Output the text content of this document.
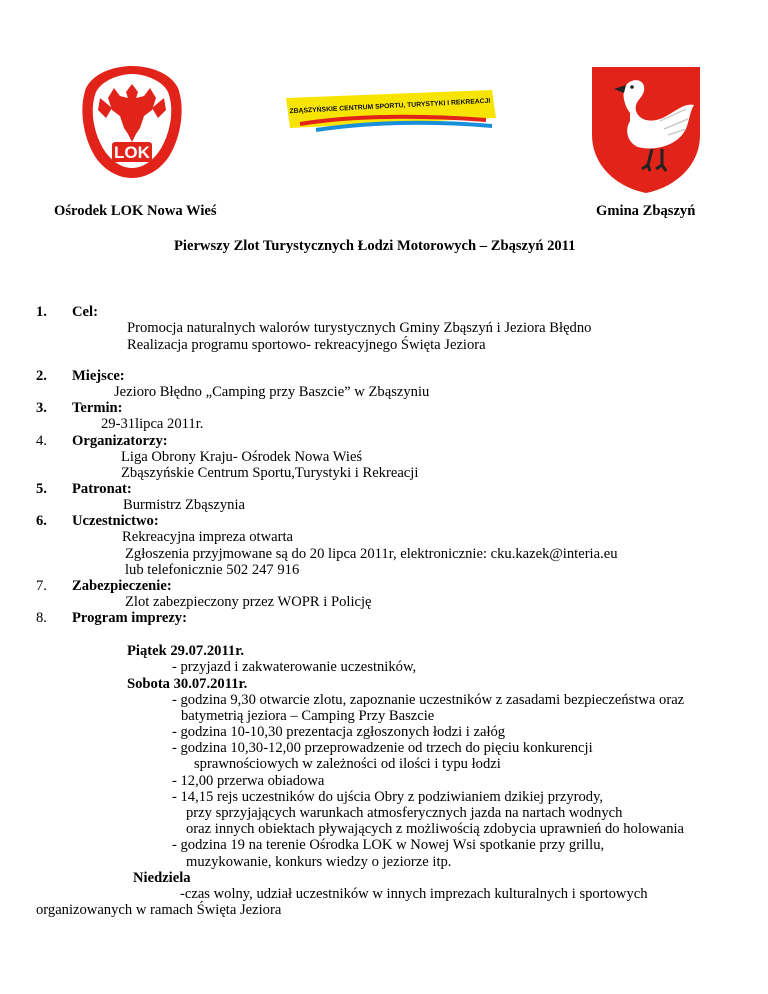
LOK
ZBĄSZYŃSKIE CENTRUM SPORTU, TURYSTYKI I REKREACJI
Ośrodek LOK Nowa Wieś	Gmina Zbąszyń
Pierwszy Zlot Turystycznych Łodzi Motorowych – Zbąszyń 2011
1. Cel:
Promocja naturalnych walorów turystycznych Gminy Zbąszyń i Jeziora Błędno
Realizacja programu sportowo- rekreacyjnego Święta Jeziora
2. Miejsce:
Jezioro Błędno „Camping przy Baszcie” w Zbąszyniu
3. Termin:
29-31lipca 2011r.
4. Organizatorzy:
Liga Obrony Kraju- Ośrodek Nowa Wieś
Zbąszyńskie Centrum Sportu,Turystyki i Rekreacji
5. Patronat:
Burmistrz Zbąszynia
6. Uczestnictwo:
Rekreacyjna impreza otwarta
Zgłoszenia przyjmowane są do 20 lipca 2011r, elektronicznie: cku.kazek@interia.eu
lub telefonicznie 502 247 916
7. Zabezpieczenie:
Zlot zabezpieczony przez WOPR i Policję
8. Program imprezy:
Piątek 29.07.2011r.
- przyjazd i zakwaterowanie uczestników,
Sobota 30.07.2011r.
- godzina 9,30 otwarcie zlotu, zapoznanie uczestników z zasadami bezpieczeństwa oraz
batymetrią jeziora – Camping Przy Baszcie
- godzina 10-10,30 prezentacja zgłoszonych łodzi i załóg
- godzina 10,30-12,00 przeprowadzenie od trzech do pięciu konkurencji
sprawnościowych w zależności od ilości i typu łodzi
- 12,00 przerwa obiadowa
- 14,15 rejs uczestników do ujścia Obry z podziwianiem dzikiej przyrody,
przy sprzyjających warunkach atmosferycznych jazda na nartach wodnych
oraz innych obiektach pływających z możliwością zdobycia uprawnień do holowania
- godzina 19 na terenie Ośrodka LOK w Nowej Wsi spotkanie przy grillu,
muzykowanie, konkurs wiedzy o jeziorze itp.
Niedziela
-czas wolny, udział uczestników w innych imprezach kulturalnych i sportowych
organizowanych w ramach Święta Jeziora
